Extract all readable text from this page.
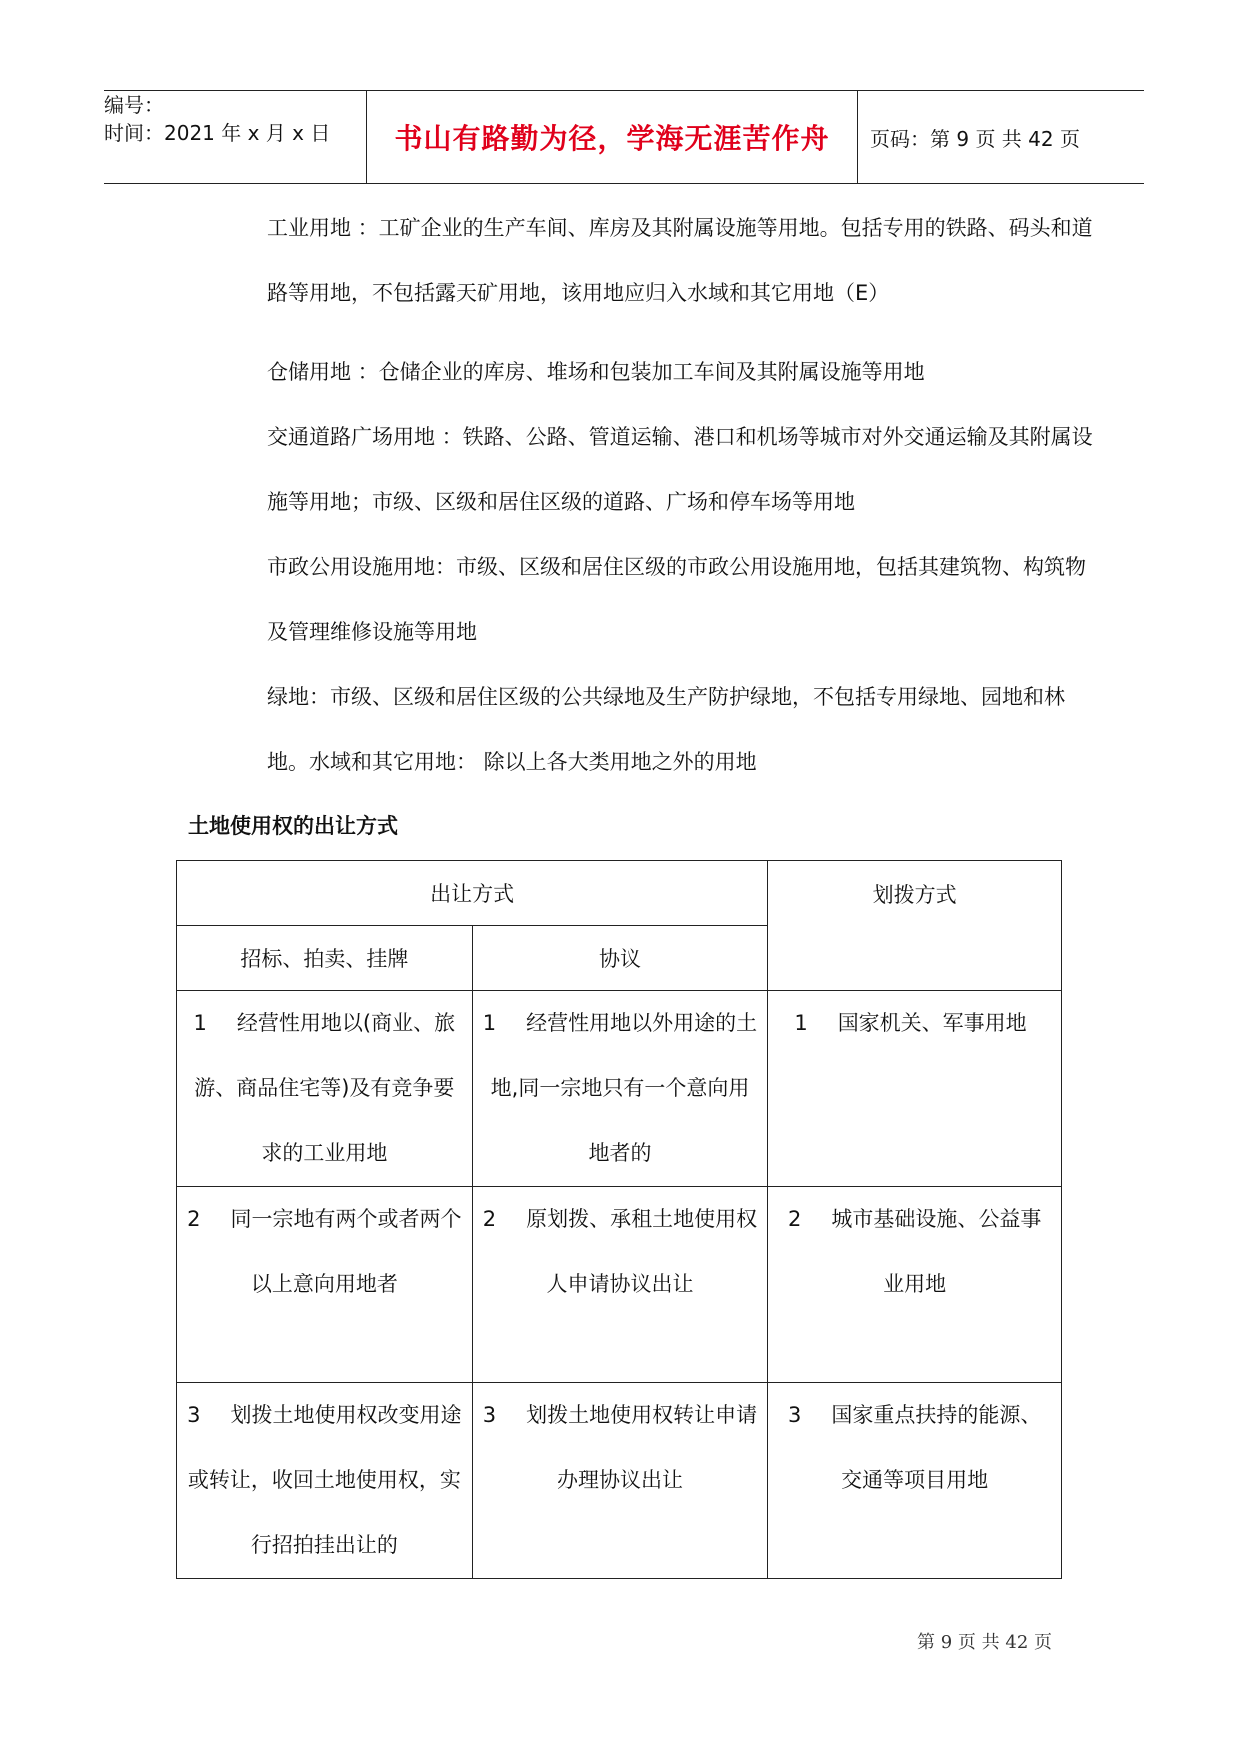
编号：
时间：2021 年 x 月 x 日	书山有路勤为径，学海无涯苦作舟	页码：第 9 页 共 42 页
工业用地 ：工矿企业的生产车间、库房及其附属设施等用地。包括专用的铁路、码头和道路等用地，不包括露天矿用地，该用地应归入水域和其它用地（E）
仓储用地 ：仓储企业的库房、堆场和包装加工车间及其附属设施等用地
交通道路广场用地 ：铁路、公路、管道运输、港口和机场等城市对外交通运输及其附属设施等用地；市级、区级和居住区级的道路、广场和停车场等用地
市政公用设施用地：市级、区级和居住区级的市政公用设施用地，包括其建筑物、构筑物及管理维修设施等用地
绿地：市级、区级和居住区级的公共绿地及生产防护绿地，不包括专用绿地、园地和林地。水域和其它用地： 除以上各大类用地之外的用地
土地使用权的出让方式
出让方式		划拨方式
招标、拍卖、挂牌	协议	
1 经营性用地以(商业、旅游、商品住宅等)及有竞争要求的工业用地	1 经营性用地以外用途的土地,同一宗地只有一个意向用地者的	1 国家机关、军事用地
2 同一宗地有两个或者两个以上意向用地者	2 原划拨、承租土地使用权人申请协议出让	2 城市基础设施、公益事业用地
3 划拨土地使用权改变用途或转让，收回土地使用权，实行招拍挂出让的	3 划拨土地使用权转让申请办理协议出让	3 国家重点扶持的能源、交通等项目用地
第 9 页 共 42 页
